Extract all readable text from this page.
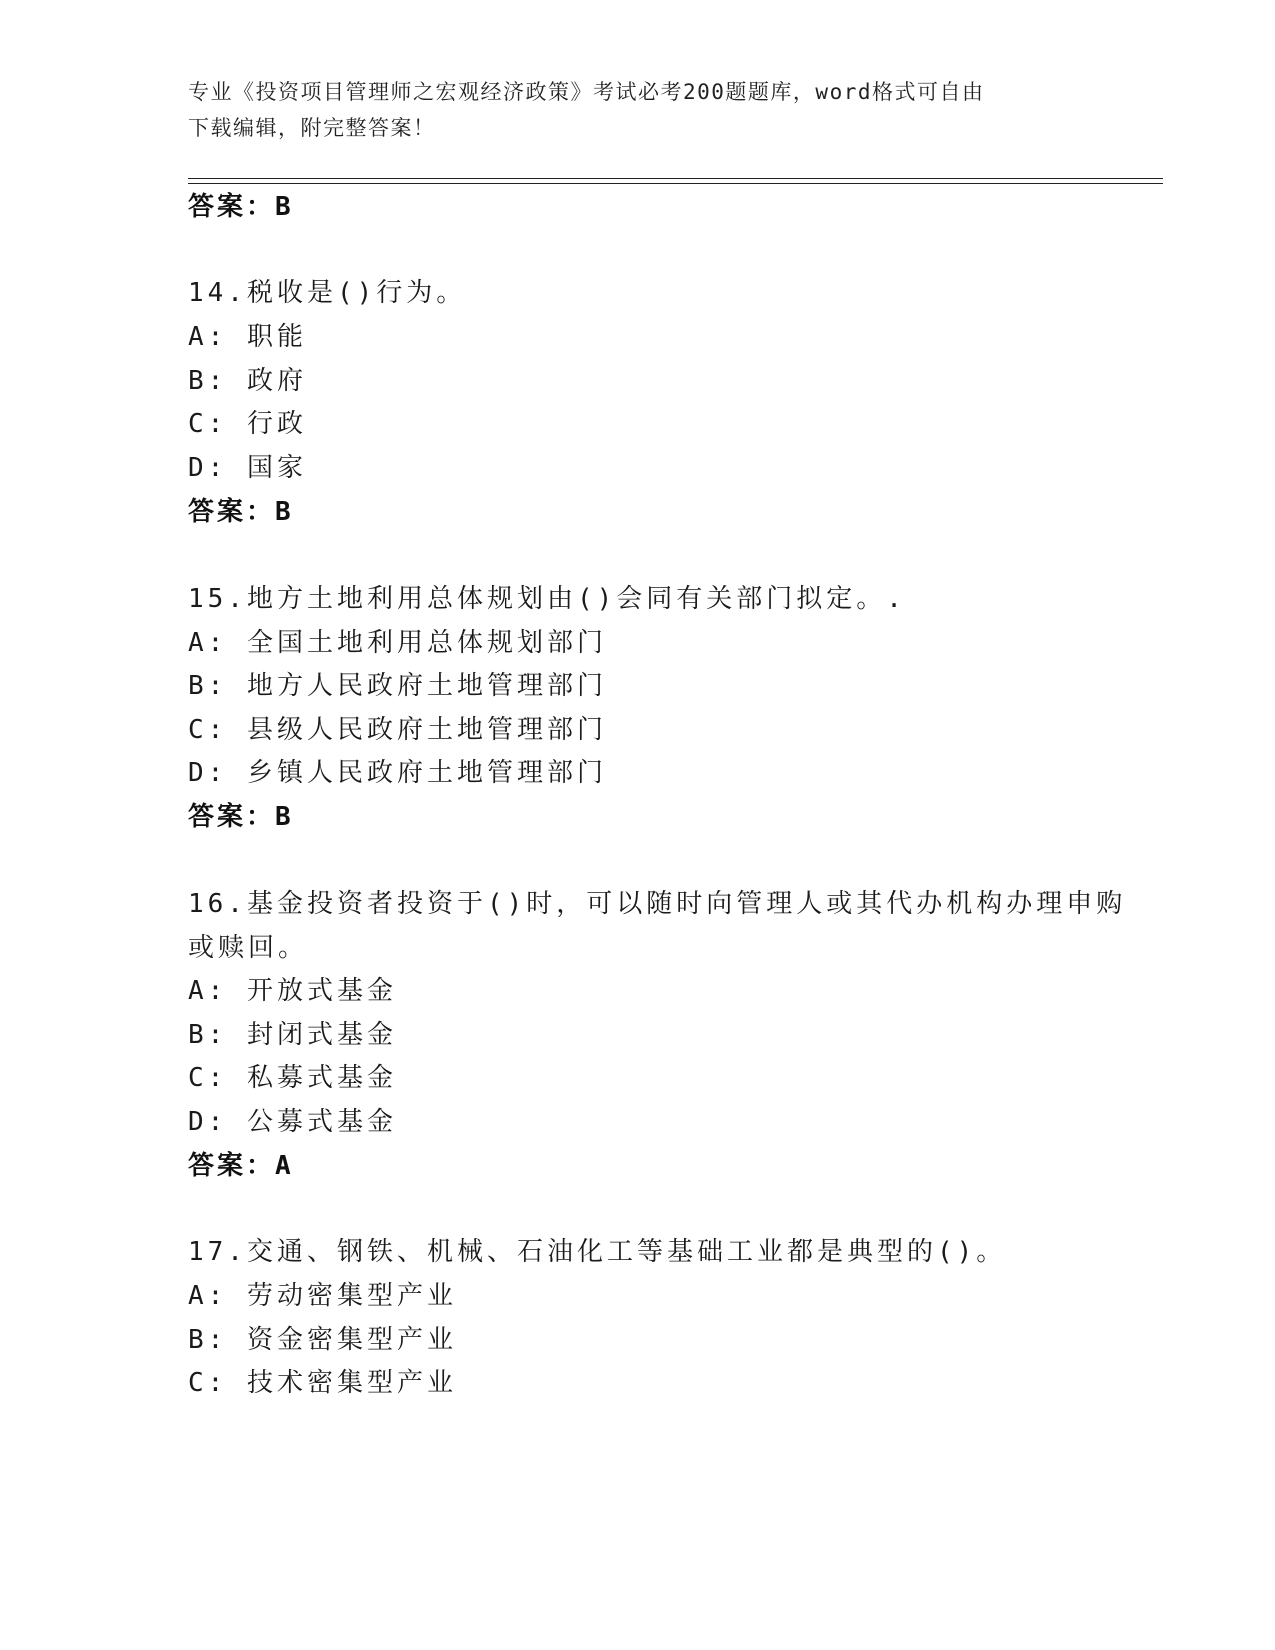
专业《投资项目管理师之宏观经济政策》考试必考200题题库，word格式可自由
下载编辑，附完整答案！
答案：B
14.税收是()行为。
A: 职能
B: 政府
C: 行政
D: 国家
答案：B
15.地方土地利用总体规划由()会同有关部门拟定。.
A: 全国土地利用总体规划部门
B: 地方人民政府土地管理部门
C: 县级人民政府土地管理部门
D: 乡镇人民政府土地管理部门
答案：B
16.基金投资者投资于()时，可以随时向管理人或其代办机构办理申购
或赎回。
A: 开放式基金
B: 封闭式基金
C: 私募式基金
D: 公募式基金
答案：A
17.交通、钢铁、机械、石油化工等基础工业都是典型的()。
A: 劳动密集型产业
B: 资金密集型产业
C: 技术密集型产业
